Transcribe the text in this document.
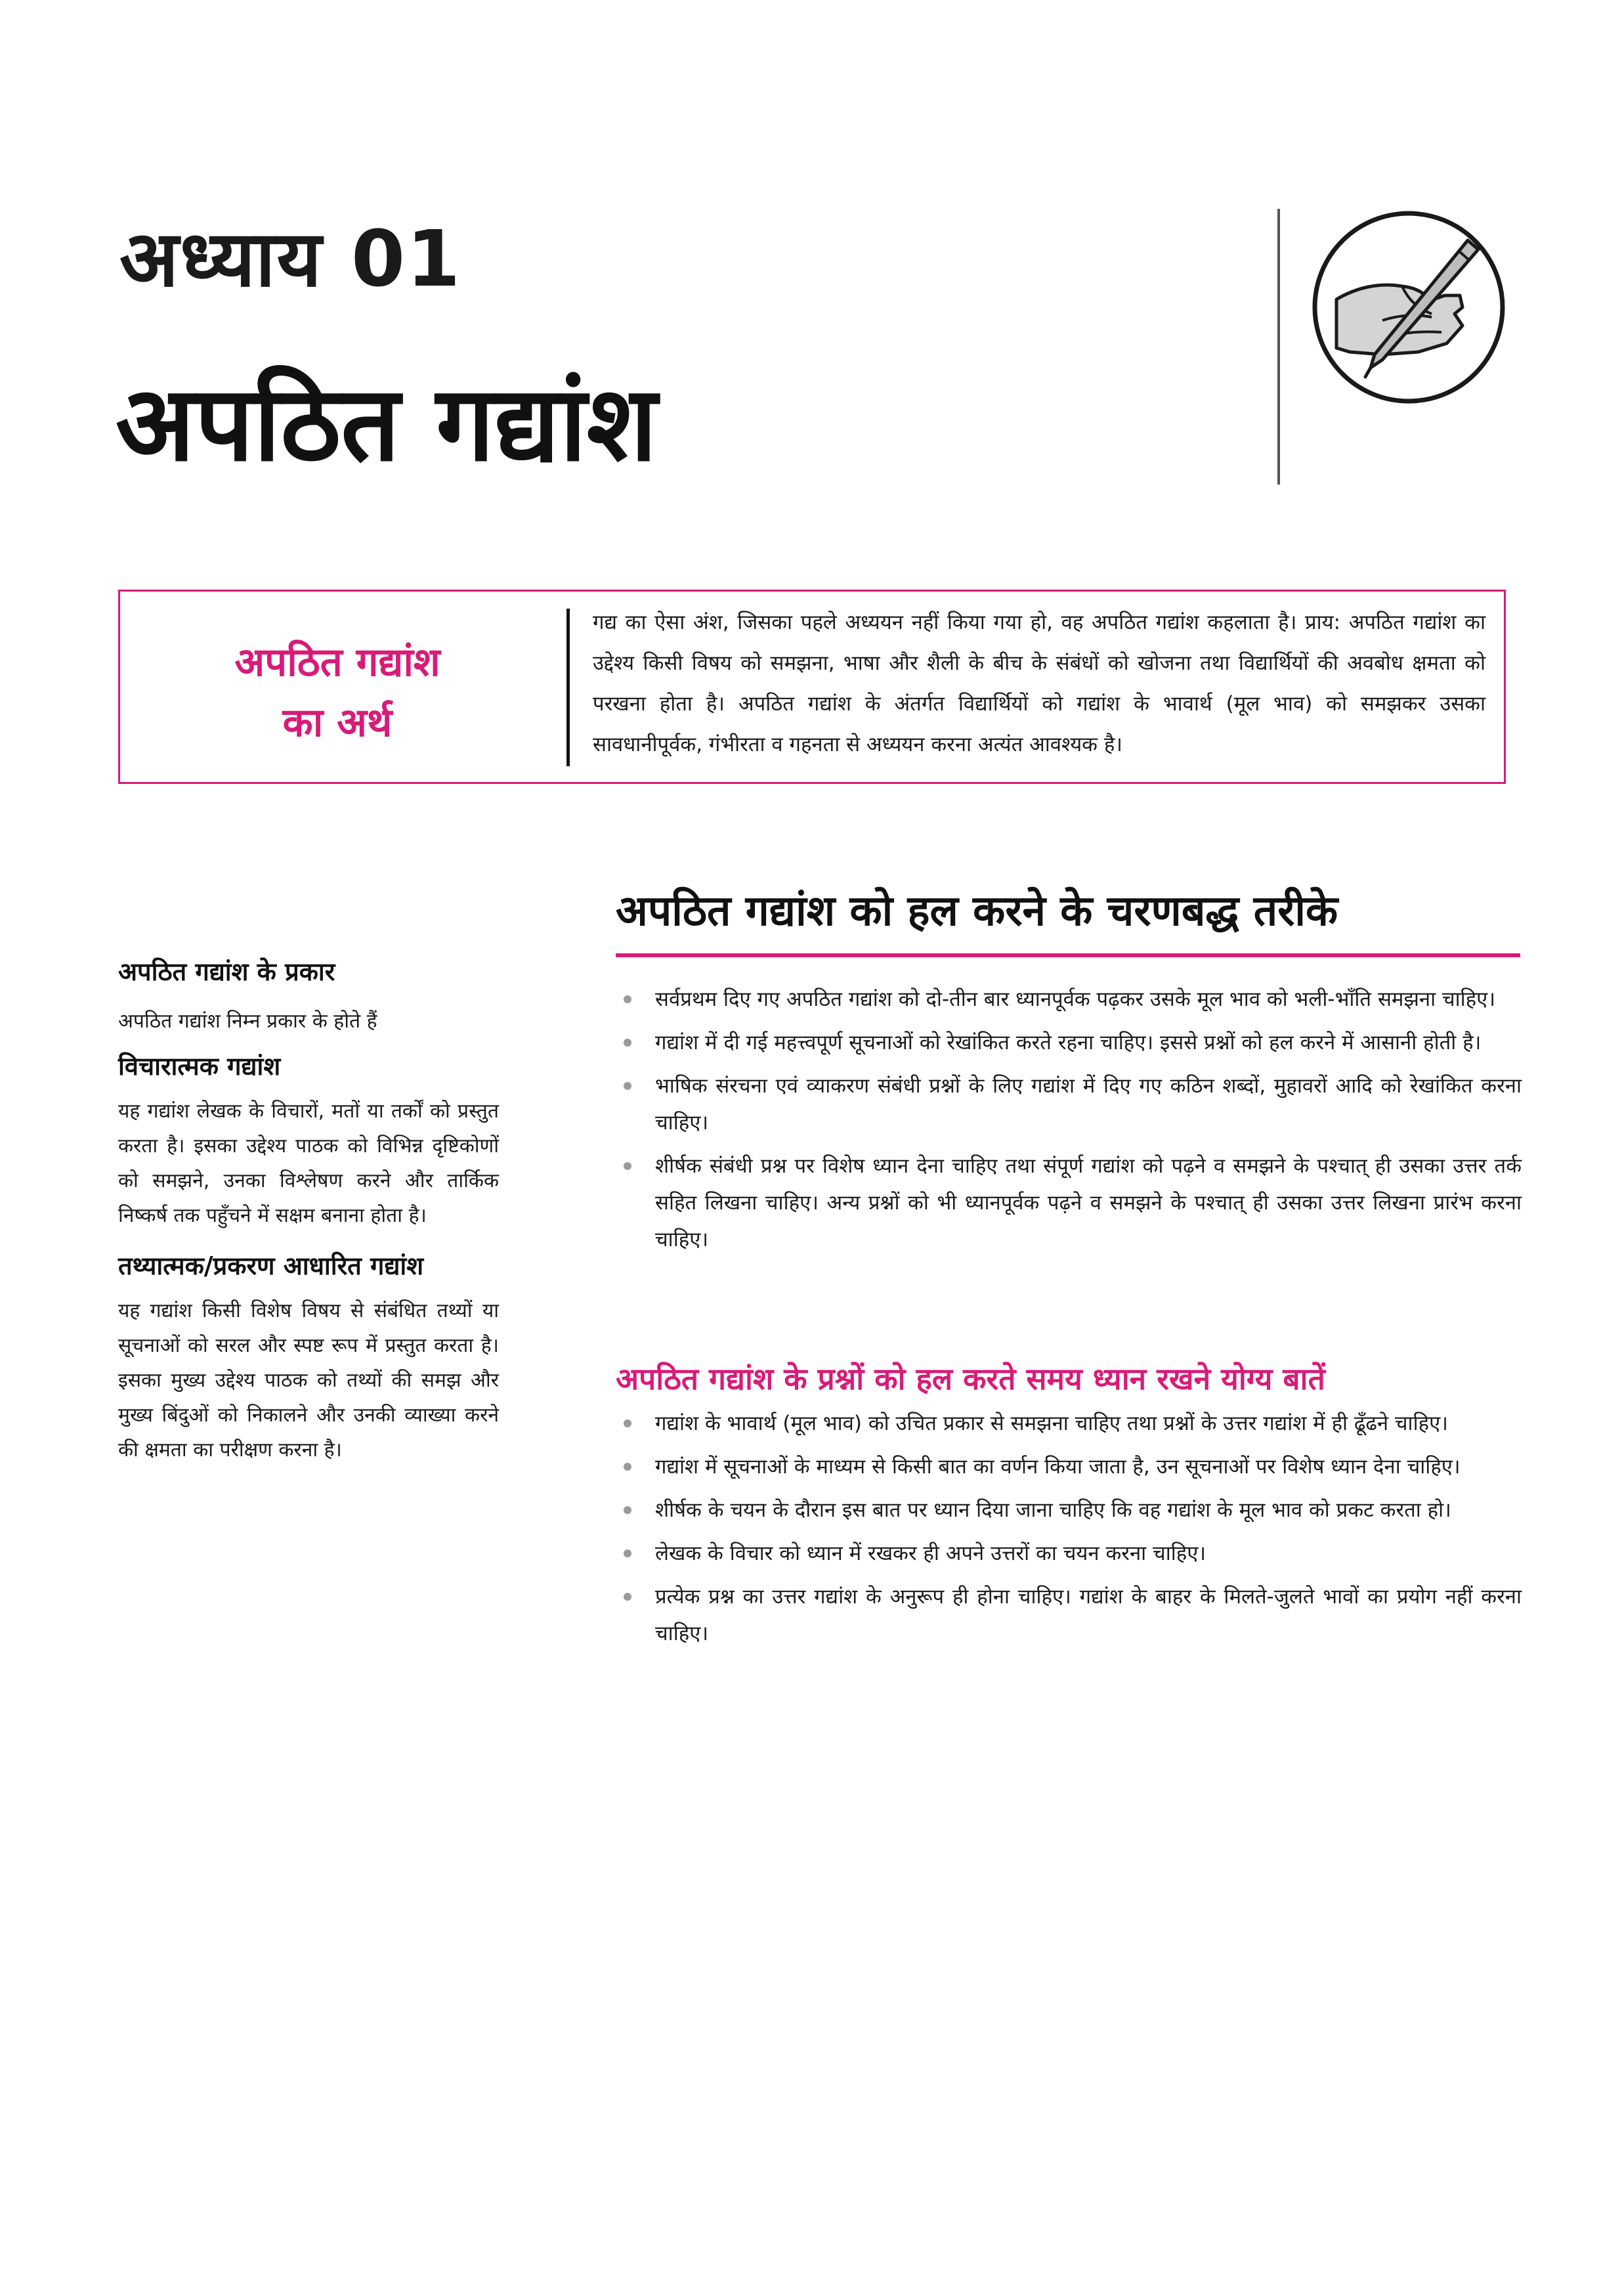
अध्याय 01
अपठित गद्यांश
अपठित गद्यांश
का अर्थ
गद्य का ऐसा अंश, जिसका पहले अध्ययन नहीं किया गया हो, वह अपठित गद्यांश कहलाता है। प्राय: अपठित गद्यांश का उद्देश्य किसी विषय को समझना, भाषा और शैली के बीच के संबंधों को खोजना तथा विद्यार्थियों की अवबोध क्षमता को परखना होता है। अपठित गद्यांश के अंतर्गत विद्यार्थियों को गद्यांश के भावार्थ (मूल भाव) को समझकर उसका सावधानीपूर्वक, गंभीरता व गहनता से अध्ययन करना अत्यंत आवश्यक है।
अपठित गद्यांश के प्रकार

अपठित गद्यांश निम्न प्रकार के होते हैं

विचारात्मक गद्यांश

यह गद्यांश लेखक के विचारों, मतों या तर्कों को प्रस्तुत करता है। इसका उद्देश्य पाठक को विभिन्न दृष्टिकोणों को समझने, उनका विश्लेषण करने और तार्किक निष्कर्ष तक पहुँचने में सक्षम बनाना होता है।

तथ्यात्मक/प्रकरण आधारित गद्यांश

यह गद्यांश किसी विशेष विषय से संबंधित तथ्यों या सूचनाओं को सरल और स्पष्ट रूप में प्रस्तुत करता है। इसका मुख्य उद्देश्य पाठक को तथ्यों की समझ और मुख्य बिंदुओं को निकालने और उनकी व्याख्या करने की क्षमता का परीक्षण करना है।

अपठित गद्यांश को हल करने के चरणबद्ध तरीके
सर्वप्रथम दिए गए अपठित गद्यांश को दो-तीन बार ध्यानपूर्वक पढ़कर उसके मूल भाव को भली-भाँति समझना चाहिए।
गद्यांश में दी गई महत्त्वपूर्ण सूचनाओं को रेखांकित करते रहना चाहिए। इससे प्रश्नों को हल करने में आसानी होती है।
भाषिक संरचना एवं व्याकरण संबंधी प्रश्नों के लिए गद्यांश में दिए गए कठिन शब्दों, मुहावरों आदि को रेखांकित करना चाहिए।
शीर्षक संबंधी प्रश्न पर विशेष ध्यान देना चाहिए तथा संपूर्ण गद्यांश को पढ़ने व समझने के पश्चात् ही उसका उत्तर तर्क सहित लिखना चाहिए। अन्य प्रश्नों को भी ध्यानपूर्वक पढ़ने व समझने के पश्चात् ही उसका उत्तर लिखना प्रारंभ करना चाहिए।
अपठित गद्यांश के प्रश्नों को हल करते समय ध्यान रखने योग्य बातें
गद्यांश के भावार्थ (मूल भाव) को उचित प्रकार से समझना चाहिए तथा प्रश्नों के उत्तर गद्यांश में ही ढूँढने चाहिए।
गद्यांश में सूचनाओं के माध्यम से किसी बात का वर्णन किया जाता है, उन सूचनाओं पर विशेष ध्यान देना चाहिए।
शीर्षक के चयन के दौरान इस बात पर ध्यान दिया जाना चाहिए कि वह गद्यांश के मूल भाव को प्रकट करता हो।
लेखक के विचार को ध्यान में रखकर ही अपने उत्तरों का चयन करना चाहिए।
प्रत्येक प्रश्न का उत्तर गद्यांश के अनुरूप ही होना चाहिए। गद्यांश के बाहर के मिलते-जुलते भावों का प्रयोग नहीं करना चाहिए।
